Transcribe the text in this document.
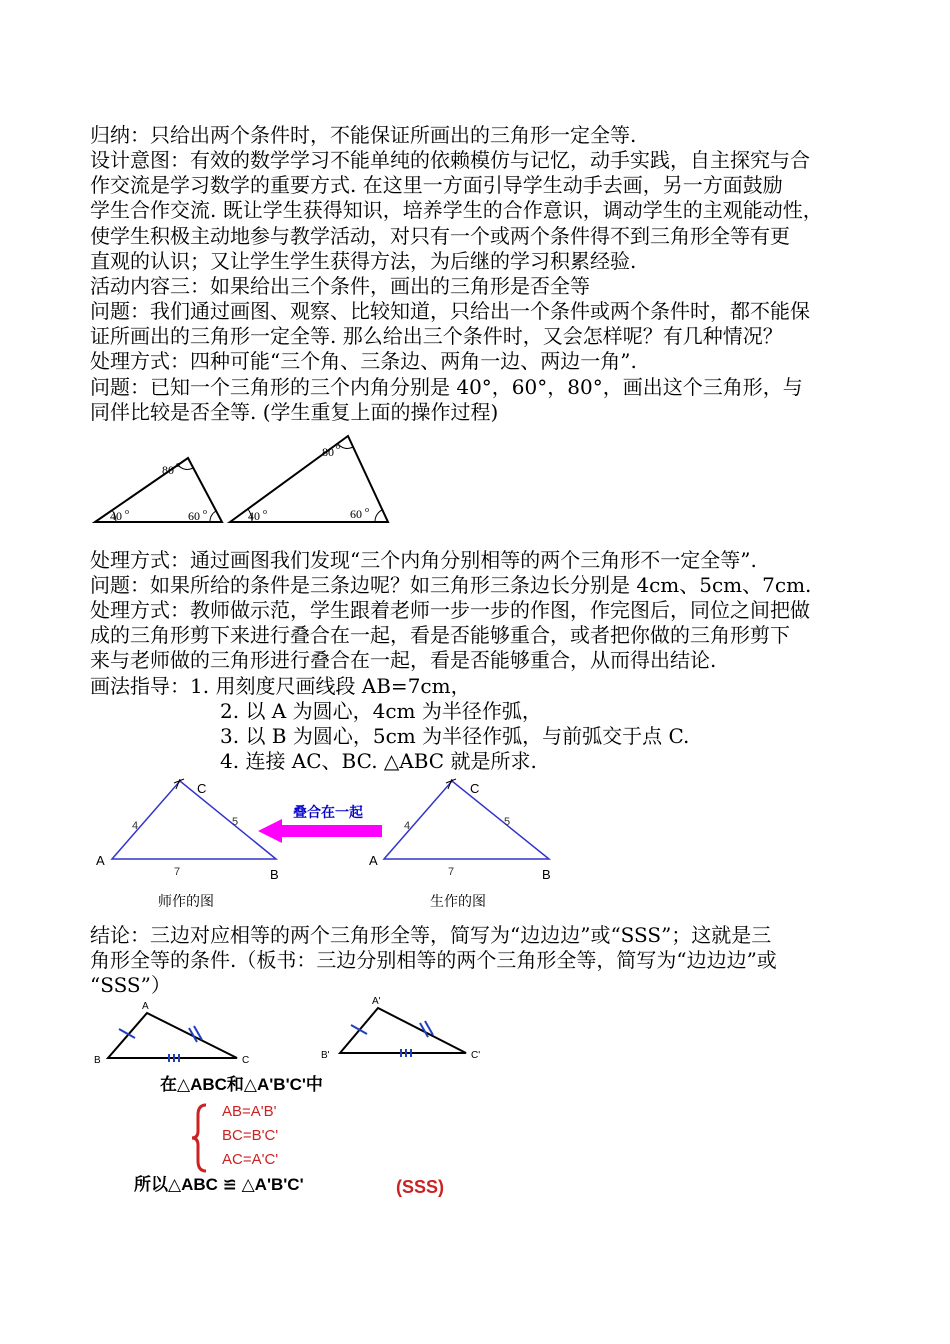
归纳：只给出两个条件时，不能保证所画出的三角形一定全等.
设计意图：有效的数学学习不能单纯的依赖模仿与记忆，动手实践，自主探究与合
作交流是学习数学的重要方式. 在这里一方面引导学生动手去画，另一方面鼓励
学生合作交流. 既让学生获得知识，培养学生的合作意识，调动学生的主观能动性，
使学生积极主动地参与教学活动，对只有一个或两个条件得不到三角形全等有更
直观的认识；又让学生学生获得方法，为后继的学习积累经验.
活动内容三：如果给出三个条件，画出的三角形是否全等
问题：我们通过画图、观察、比较知道，只给出一个条件或两个条件时，都不能保
证所画出的三角形一定全等. 那么给出三个条件时，又会怎样呢？有几种情况？
处理方式：四种可能“三个角、三条边、两角一边、两边一角”.
问题：已知一个三角形的三个内角分别是 40°，60°，80°，画出这个三角形，与
同伴比较是否全等. (学生重复上面的操作过程)
80 o
40 o	60 o
80 o
40 o	60 o
处理方式：通过画图我们发现“三个内角分别相等的两个三角形不一定全等”.
问题：如果所给的条件是三条边呢？如三角形三条边长分别是 4cm、5cm、7cm.
处理方式：教师做示范，学生跟着老师一步一步的作图，作完图后，同位之间把做
成的三角形剪下来进行叠合在一起，看是否能够重合，或者把你做的三角形剪下
来与老师做的三角形进行叠合在一起，看是否能够重合，从而得出结论.
画法指导：1. 用刻度尺画线段 AB=7cm，
2. 以 A 为圆心，4cm 为半径作弧，
3. 以 B 为圆心，5cm 为半径作弧，与前弧交于点 C.
4. 连接 AC、BC. △ABC 就是所求.
C
A
B
4	5
7
叠合在一起
C
A
B
4	5
7
师作的图	生作的图
结论：三边对应相等的两个三角形全等，简写为“边边边”或“SSS”；这就是三
角形全等的条件.（板书：三边分别相等的两个三角形全等，简写为“边边边”或
“SSS”）
A
B	C
A'
B'	C'
在△ABC和△A'B'C'中
AB=A'B'
BC=B'C'
AC=A'C'
所以△ABC ≌ △A'B'C'	(SSS)
